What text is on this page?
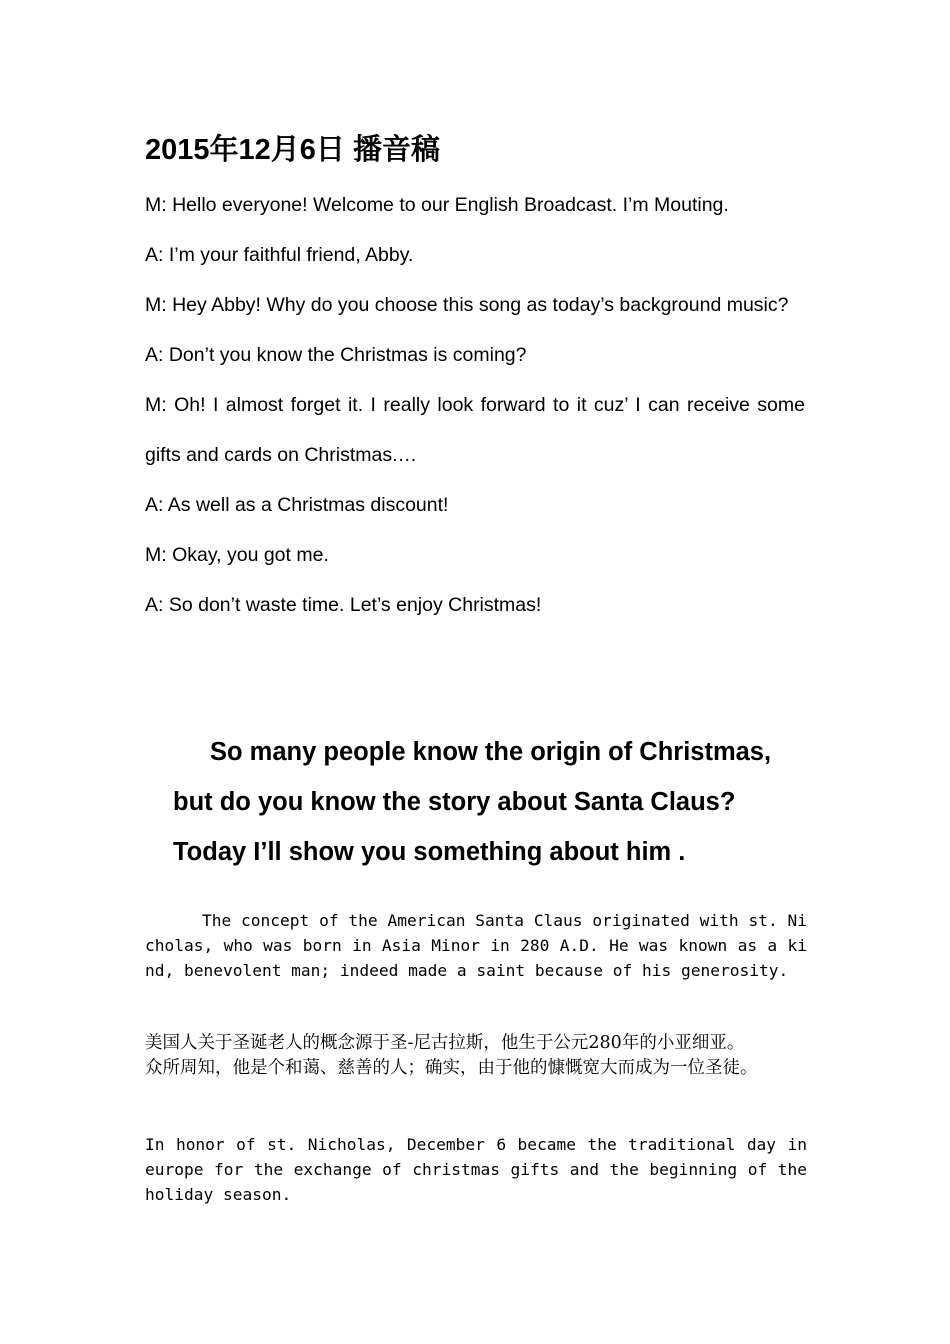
2015年12月6日 播音稿

M: Hello everyone! Welcome to our English Broadcast. I’m Mouting.

A: I’m your faithful friend, Abby.

M: Hey Abby! Why do you choose this song as today’s background music?

A: Don’t you know the Christmas is coming?

M: Oh! I almost forget it. I really look forward to it cuz’ I can receive some gifts and cards on Christmas.…

A: As well as a Christmas discount!

M: Okay, you got me.

A: So don’t waste time. Let’s enjoy Christmas!

So many people know the origin of Christmas,

but do you know the story about Santa Claus?

Today I’ll show you something about him .

The concept of the American Santa Claus originated with st. Nicholas, who was born in Asia Minor in 280 A.D. He was known as a kind, benevolent man; indeed made a saint because of his generosity.

美国人关于圣诞老人的概念源于圣-尼古拉斯，他生于公元280年的小亚细亚。
众所周知，他是个和蔼、慈善的人；确实，由于他的慷慨宽大而成为一位圣徒。

In honor of st. Nicholas, December 6 became the traditional day in europe for the exchange of christmas gifts and the beginning of the holiday season.
